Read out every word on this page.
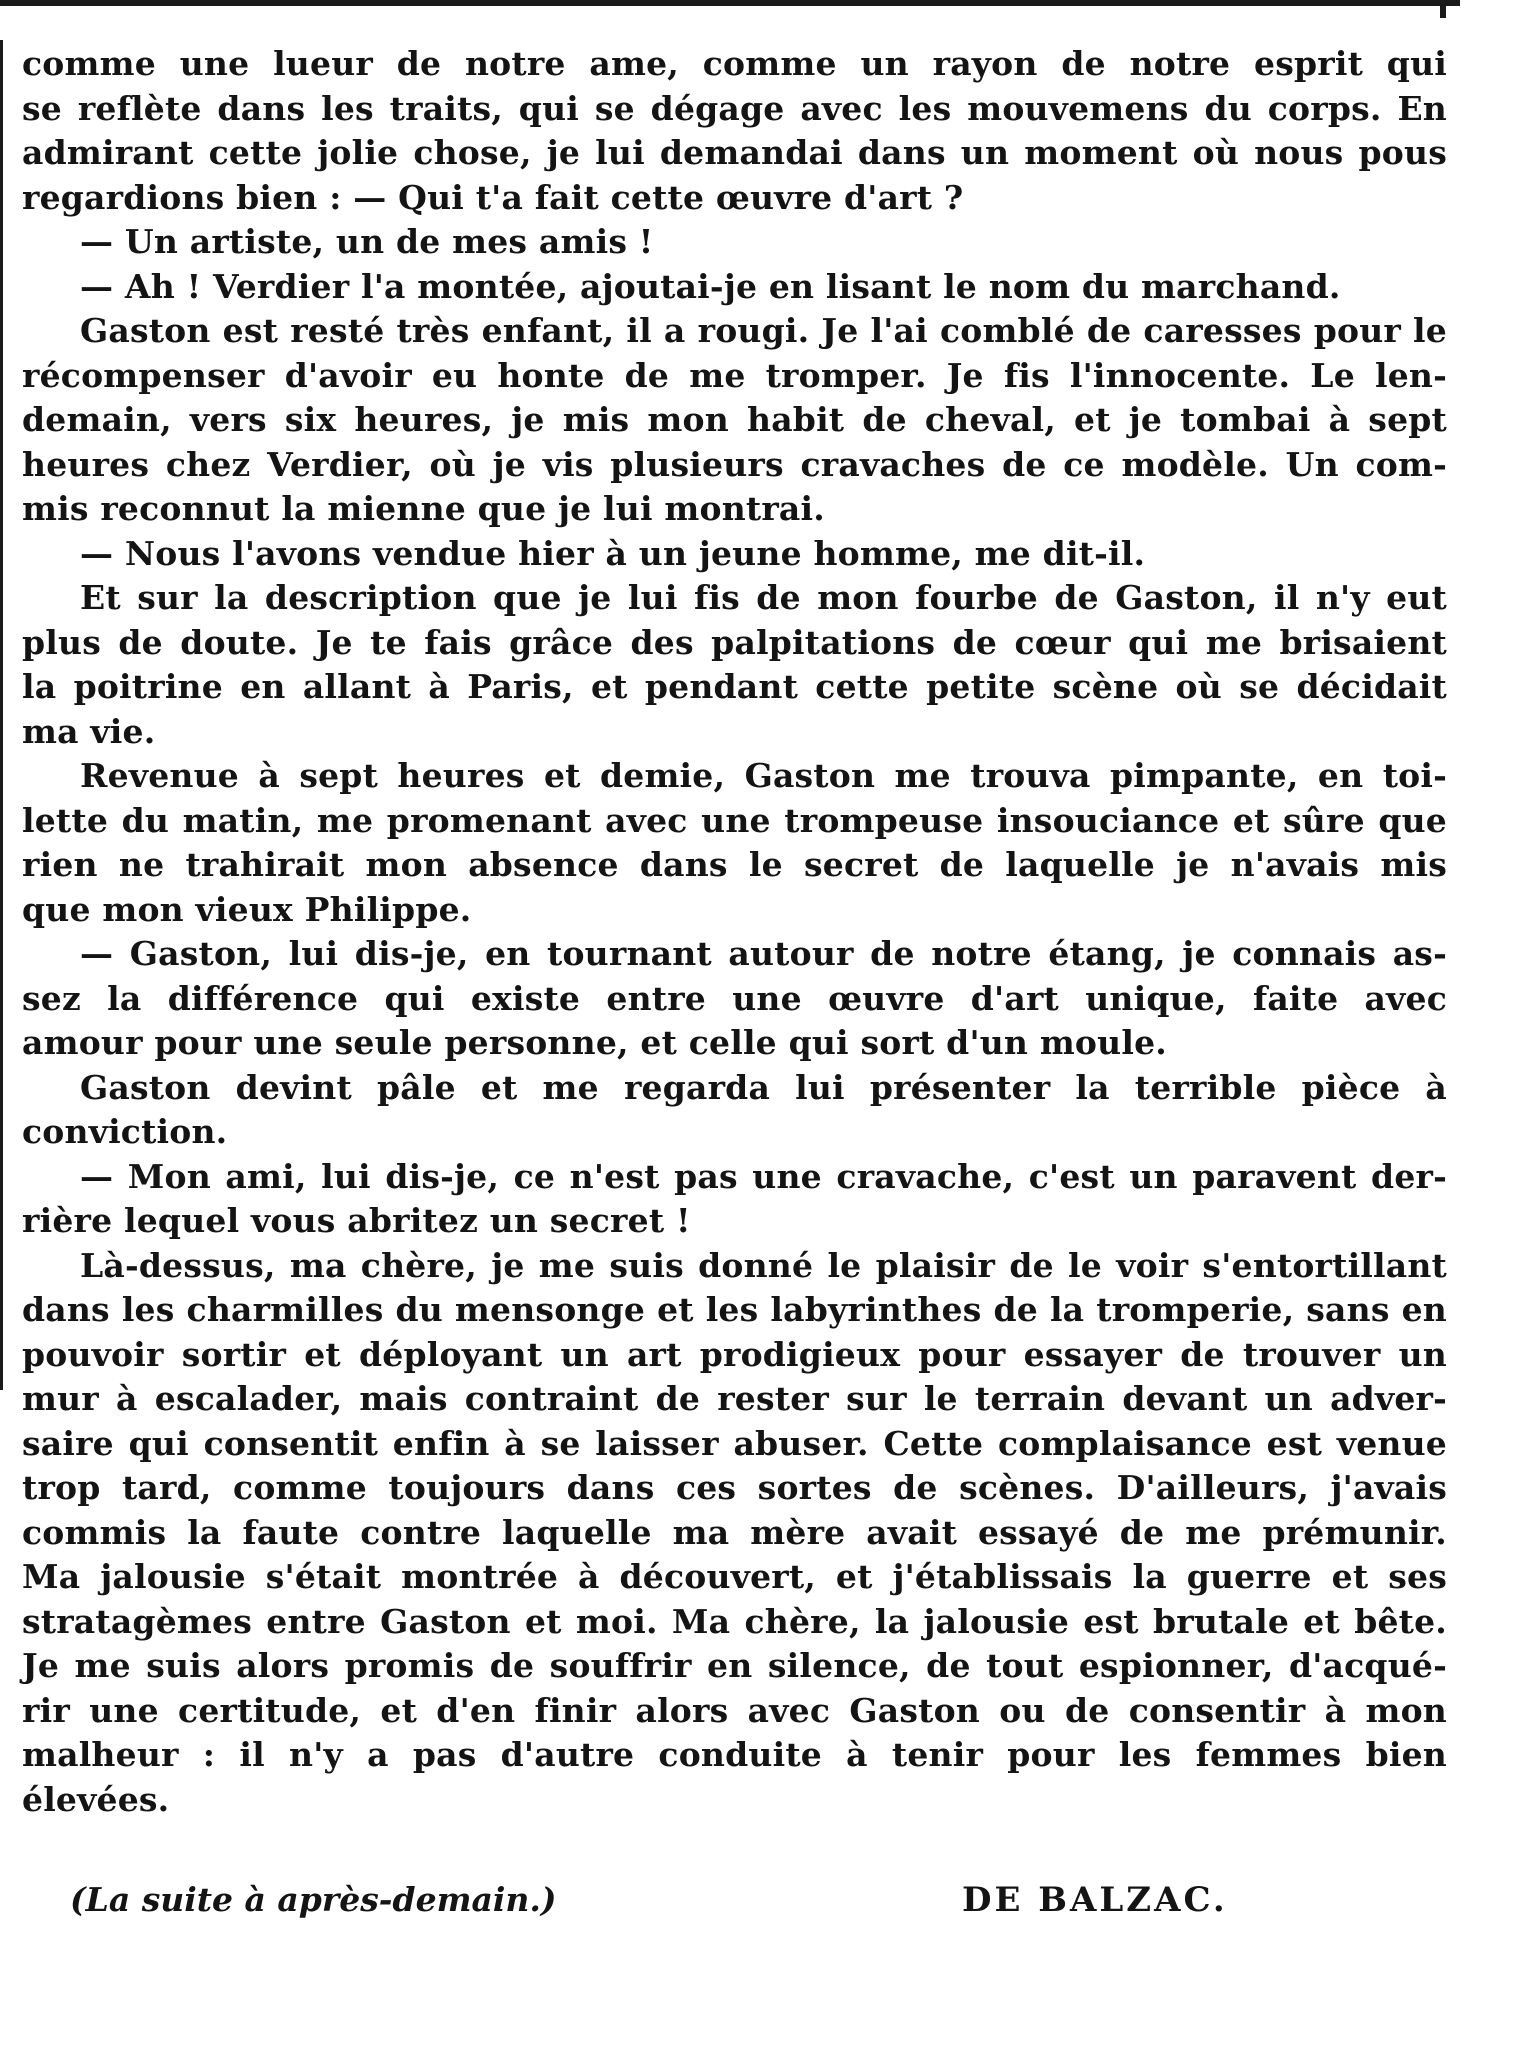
comme une lueur de notre ame, comme un rayon de notre esprit qui
se reflète dans les traits, qui se dégage avec les mouvemens du corps. En
admirant cette jolie chose, je lui demandai dans un moment où nous pous
regardions bien : — Qui t'a fait cette œuvre d'art ?
— Un artiste, un de mes amis !
— Ah ! Verdier l'a montée, ajoutai-je en lisant le nom du marchand.
Gaston est resté très enfant, il a rougi. Je l'ai comblé de caresses pour le
récompenser d'avoir eu honte de me tromper. Je fis l'innocente. Le len-
demain, vers six heures, je mis mon habit de cheval, et je tombai à sept
heures chez Verdier, où je vis plusieurs cravaches de ce modèle. Un com-
mis reconnut la mienne que je lui montrai.
— Nous l'avons vendue hier à un jeune homme, me dit-il.
Et sur la description que je lui fis de mon fourbe de Gaston, il n'y eut
plus de doute. Je te fais grâce des palpitations de cœur qui me brisaient
la poitrine en allant à Paris, et pendant cette petite scène où se décidait
ma vie.
Revenue à sept heures et demie, Gaston me trouva pimpante, en toi-
lette du matin, me promenant avec une trompeuse insouciance et sûre que
rien ne trahirait mon absence dans le secret de laquelle je n'avais mis
que mon vieux Philippe.
— Gaston, lui dis-je, en tournant autour de notre étang, je connais as-
sez la différence qui existe entre une œuvre d'art unique, faite avec
amour pour une seule personne, et celle qui sort d'un moule.
Gaston devint pâle et me regarda lui présenter la terrible pièce à
conviction.
— Mon ami, lui dis-je, ce n'est pas une cravache, c'est un paravent der-
rière lequel vous abritez un secret !
Là-dessus, ma chère, je me suis donné le plaisir de le voir s'entortillant
dans les charmilles du mensonge et les labyrinthes de la tromperie, sans en
pouvoir sortir et déployant un art prodigieux pour essayer de trouver un
mur à escalader, mais contraint de rester sur le terrain devant un adver-
saire qui consentit enfin à se laisser abuser. Cette complaisance est venue
trop tard, comme toujours dans ces sortes de scènes. D'ailleurs, j'avais
commis la faute contre laquelle ma mère avait essayé de me prémunir.
Ma jalousie s'était montrée à découvert, et j'établissais la guerre et ses
stratagèmes entre Gaston et moi. Ma chère, la jalousie est brutale et bête.
Je me suis alors promis de souffrir en silence, de tout espionner, d'acqué-
rir une certitude, et d'en finir alors avec Gaston ou de consentir à mon
malheur : il n'y a pas d'autre conduite à tenir pour les femmes bien
élevées.
(La suite à après-demain.)	DE BALZAC.
